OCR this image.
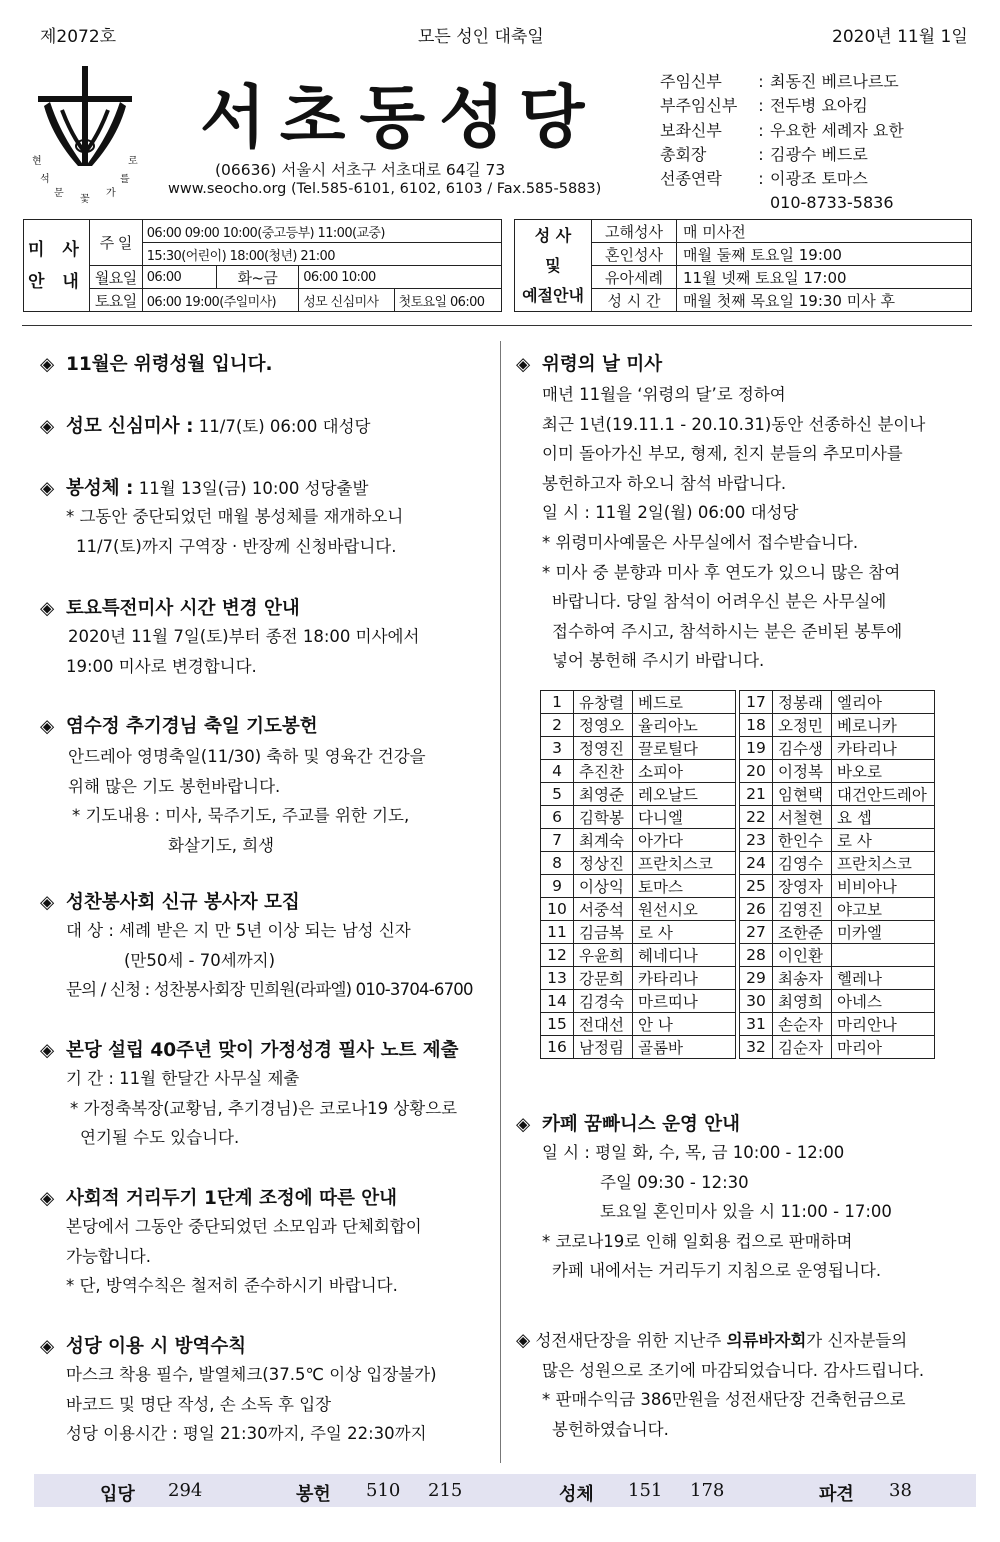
제2072호	모든 성인 대축일	2020년 11월 1일
현	로
석	를
문	가
꽃
서초동성당
(06636) 서울시 서초구 서초대로 64길 73
www.seocho.org (Tel.585-6101, 6102, 6103 / Fax.585-5883)
주임신부	: 최동진 베르나르도
부주임신부	: 전두병 요아킴
보좌신부	: 우요한 세례자 요한
총회장	: 김광수 베드로
선종연락	: 이광조 토마스
010-8733-5836
미 사
안 내	주 일	06:00 09:00 10:00(중고등부) 11:00(교중)			
		15:30(어린이) 18:00(청년) 21:00			
	월요일	06:00	화~금	06:00 10:00	
	토요일	06:00 19:00(주일미사)		성모 신심미사	첫토요일 06:00
성 사
및
예절안내	고해성사	매 미사전
	혼인성사	매월 둘째 토요일 19:00
	유아세례	11월 넷째 토요일 17:00
	성 시 간	매월 첫째 목요일 19:30 미사 후
◈ 11월은 위령성월 입니다.
◈ 성모 신심미사 : 11/7(토) 06:00 대성당
◈ 봉성체 : 11월 13일(금) 10:00 성당출발
* 그동안 중단되었던 매월 봉성체를 재개하오니
11/7(토)까지 구역장 · 반장께 신청바랍니다.
◈ 토요특전미사 시간 변경 안내
2020년 11월 7일(토)부터 종전 18:00 미사에서
19:00 미사로 변경합니다.
◈ 염수정 추기경님 축일 기도봉헌
안드레아 영명축일(11/30) 축하 및 영육간 건강을
위해 많은 기도 봉헌바랍니다.
* 기도내용 : 미사, 묵주기도, 주교를 위한 기도,
화살기도, 희생
◈ 성찬봉사회 신규 봉사자 모집
대 상 : 세례 받은 지 만 5년 이상 되는 남성 신자
(만50세 - 70세까지)
문의 / 신청 : 성찬봉사회장 민희원(라파엘) 010-3704-6700
◈ 본당 설립 40주년 맞이 가정성경 필사 노트 제출
기 간 : 11월 한달간 사무실 제출
* 가정축복장(교황님, 추기경님)은 코로나19 상황으로
연기될 수도 있습니다.
◈ 사회적 거리두기 1단계 조정에 따른 안내
본당에서 그동안 중단되었던 소모임과 단체회합이
가능합니다.
* 단, 방역수칙은 철저히 준수하시기 바랍니다.
◈ 성당 이용 시 방역수칙
마스크 착용 필수, 발열체크(37.5℃ 이상 입장불가)
바코드 및 명단 작성, 손 소독 후 입장
성당 이용시간 : 평일 21:30까지, 주일 22:30까지
◈ 위령의 날 미사
매년 11월을 ‘위령의 달’로 정하여
최근 1년(19.11.1 - 20.10.31)동안 선종하신 분이나
이미 돌아가신 부모, 형제, 친지 분들의 추모미사를
봉헌하고자 하오니 참석 바랍니다.
일 시 : 11월 2일(월) 06:00 대성당
* 위령미사예물은 사무실에서 접수받습니다.
* 미사 중 분향과 미사 후 연도가 있으니 많은 참여
바랍니다. 당일 참석이 어려우신 분은 사무실에
접수하여 주시고, 참석하시는 분은 준비된 봉투에
넣어 봉헌해 주시기 바랍니다.
1	유창렬	베드로		17	정봉래	엘리아
2	정영오	율리아노		18	오정민	베로니카
3	정영진	끌로틸다		19	김수생	카타리나
4	추진찬	소피아		20	이정복	바오로
5	최영준	레오날드		21	임현택	대건안드레아
6	김학봉	다니엘		22	서철현	요 셉
7	최계숙	아가다		23	한인수	로 사
8	정상진	프란치스코		24	김영수	프란치스코
9	이상익	토마스		25	장영자	비비아나
10	서중석	원선시오		26	김영진	야고보
11	김금복	로 사		27	조한준	미카엘
12	우윤희	헤네디나		28	이인환	
13	강문희	카타리나		29	최송자	헬레나
14	김경숙	마르띠나		30	최영희	아네스
15	전대선	안 나		31	손순자	마리안나
16	남정림	골롬바		32	김순자	마리아
◈ 카페 꿈빠니스 운영 안내
일 시 : 평일 화, 수, 목, 금 10:00 - 12:00
주일 09:30 - 12:30
토요일 혼인미사 있을 시 11:00 - 17:00
* 코로나19로 인해 일회용 컵으로 판매하며
카페 내에서는 거리두기 지침으로 운영됩니다.
◈ 성전새단장을 위한 지난주 의류바자회가 신자분들의
많은 성원으로 조기에 마감되었습니다. 감사드립니다.
* 판매수익금 386만원을 성전새단장 건축헌금으로
봉헌하였습니다.
입당 294	봉헌 510 215	성체 151 178	파견 38
